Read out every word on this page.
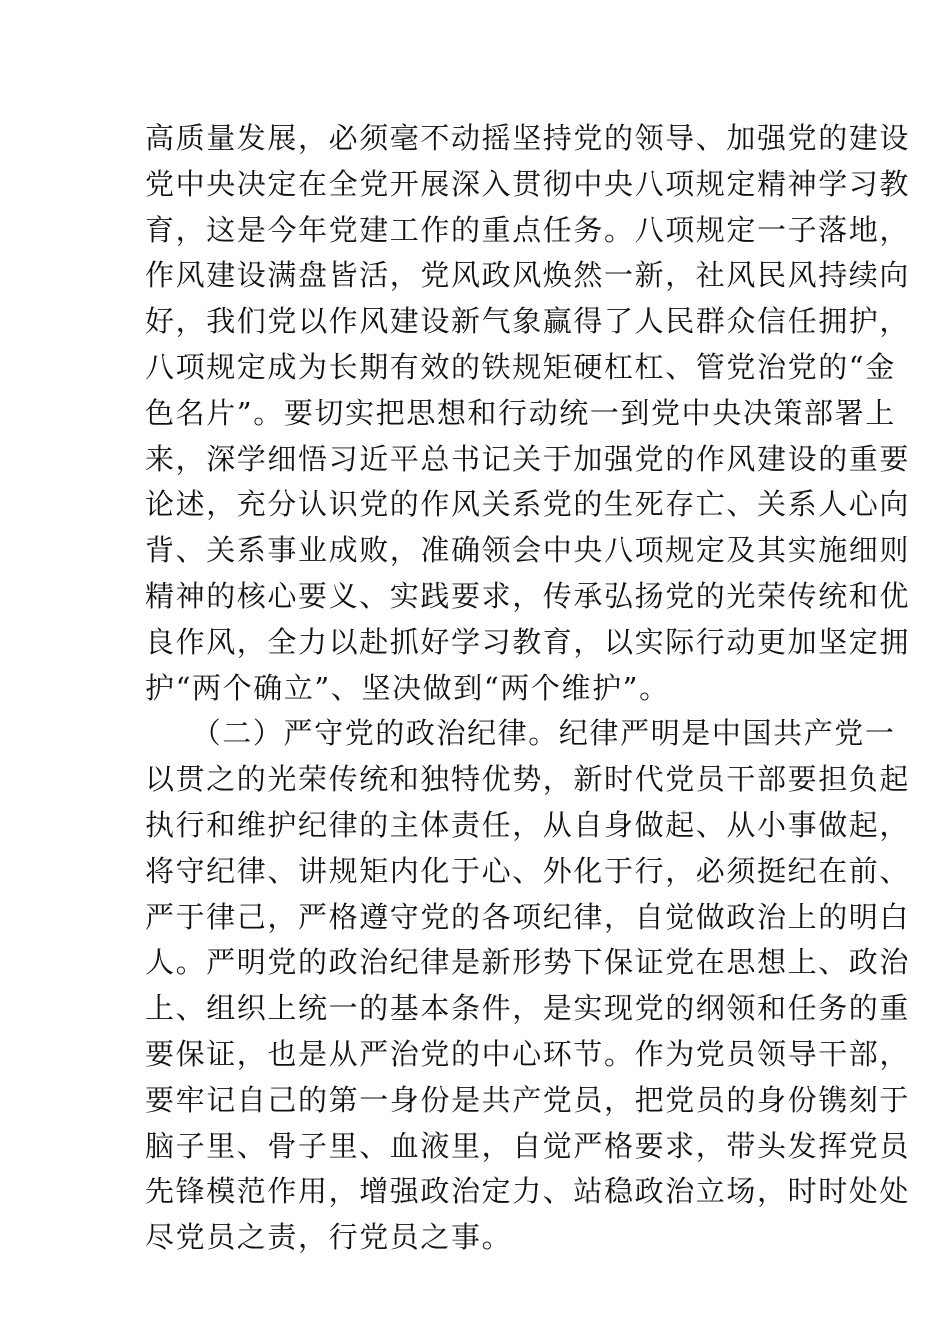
高质量发展，必须毫不动摇坚持党的领导、加强党的建设
党中央决定在全党开展深入贯彻中央八项规定精神学习教
育，这是今年党建工作的重点任务。八项规定一子落地，
作风建设满盘皆活，党风政风焕然一新，社风民风持续向
好，我们党以作风建设新气象赢得了人民群众信任拥护，
八项规定成为长期有效的铁规矩硬杠杠、管党治党的“金
色名片”。要切实把思想和行动统一到党中央决策部署上
来，深学细悟习近平总书记关于加强党的作风建设的重要
论述，充分认识党的作风关系党的生死存亡、关系人心向
背、关系事业成败，准确领会中央八项规定及其实施细则
精神的核心要义、实践要求，传承弘扬党的光荣传统和优
良作风，全力以赴抓好学习教育，以实际行动更加坚定拥
护“两个确立”、坚决做到“两个维护”。
　　（二）严守党的政治纪律。纪律严明是中国共产党一
以贯之的光荣传统和独特优势，新时代党员干部要担负起
执行和维护纪律的主体责任，从自身做起、从小事做起，
将守纪律、讲规矩内化于心、外化于行，必须挺纪在前、
严于律己，严格遵守党的各项纪律，自觉做政治上的明白
人。严明党的政治纪律是新形势下保证党在思想上、政治
上、组织上统一的基本条件，是实现党的纲领和任务的重
要保证，也是从严治党的中心环节。作为党员领导干部，
要牢记自己的第一身份是共产党员，把党员的身份镌刻于
脑子里、骨子里、血液里，自觉严格要求，带头发挥党员
先锋模范作用，增强政治定力、站稳政治立场，时时处处
尽党员之责，行党员之事。
